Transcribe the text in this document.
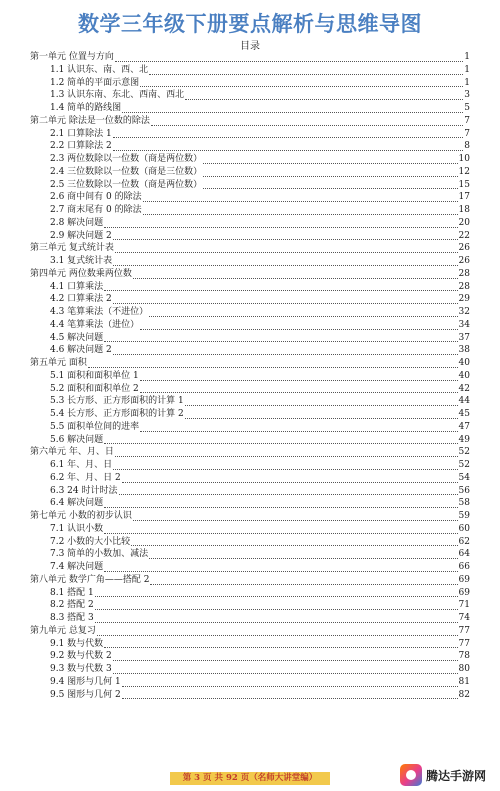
数学三年级下册要点解析与思维导图
目录
第一单元 位置与方向	1
1.1 认识东、南、西、北	1
1.2 简单的平面示意图	1
1.3 认识东南、东北、西南、西北	3
1.4 简单的路线图	5
第二单元 除法是一位数的除法	7
2.1 口算除法 1	7
2.2 口算除法 2	8
2.3 两位数除以一位数（商是两位数）	10
2.4 三位数除以一位数（商是三位数）	12
2.5 三位数除以一位数（商是两位数）	15
2.6 商中间有 0 的除法	17
2.7 商末尾有 0 的除法	18
2.8 解决问题	20
2.9 解决问题 2	22
第三单元 复式统计表	26
3.1 复式统计表	26
第四单元 两位数乘两位数	28
4.1 口算乘法	28
4.2 口算乘法 2	29
4.3 笔算乘法（不进位）	32
4.4 笔算乘法（进位）	34
4.5 解决问题	37
4.6 解决问题 2	38
第五单元 面积	40
5.1 面积和面积单位 1	40
5.2 面积和面积单位 2	42
5.3 长方形、正方形面积的计算 1	44
5.4 长方形、正方形面积的计算 2	45
5.5 面积单位间的进率	47
5.6 解决问题	49
第六单元 年、月、日	52
6.1 年、月、日	52
6.2 年、月、日 2	54
6.3 24 时计时法	56
6.4 解决问题	58
第七单元 小数的初步认识	59
7.1 认识小数	60
7.2 小数的大小比较	62
7.3 简单的小数加、减法	64
7.4 解决问题	66
第八单元 数学广角——搭配 2	69
8.1 搭配 1	69
8.2 搭配 2	71
8.3 搭配 3	74
第九单元 总复习	77
9.1 数与代数	77
9.2 数与代数 2	78
9.3 数与代数 3	80
9.4 图形与几何 1	81
9.5 图形与几何 2	82
第 3 页 共 92 页（名师大讲堂编）	腾达手游网
